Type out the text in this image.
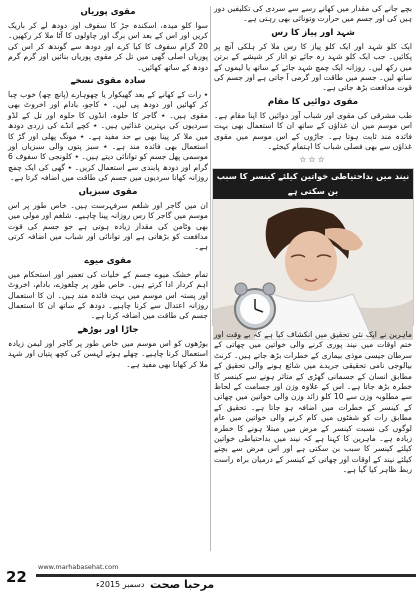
بچے جانے کی مقدار میں کھانے رسے سے سردی کی تکلیفیں دور ہیں کی اور جسم میں حرارت وتونائی بھی رہتی ہے۔

شہد اور پیاز کا رس

ایک کلو شہد اور ایک کلو پیاز کا رس ملا کر ہلکی آنچ پر پکائیں۔ جب ایک کلو شہد رہ جائے تو اتار کر شیشے کے برتن میں رکھ لیں۔ روزانہ ایک چمچ شہد جائے کے ساتھ یا لیموں کے ساتھ لیں۔ جسم میں طاقت اور گرمی آ جاتی ہے اور جسم کی قوت مدافعت بڑھ جاتی ہے۔

مقوی دوائیں کا مقام

طب مشرقی کی مقوی اور شباب آور دوائیں کا اپنا مقام ہے۔ اس موسم میں ان غذاؤں کے ساتھ ان کا استعمال بھی بہت فائدہ مند ثابت ہوتا ہے۔ جاڑوں کے اس موسم میں مقوی غذاؤں سے بھی فصلی شباب کا اہتمام کیجئے۔

☆☆☆
نیند میں بداحتیاطی خواتین کیلئے کینسر کا سبب بن سکتی ہے

ماہرین نے ایک نئی تحقیق میں انکشاف کیا ہے کہ بے وقت اور ختم اوقات میں نیند پوری کرنے والی خواتین میں چھاتی کے سرطان جیسی موذی بیماری کے خطرات بڑھ جاتے ہیں۔ کرنٹ بیالوجی نامی تحقیقی جریدے میں شائع ہونے والی تحقیق کے مطابق انسان کے جسمانی گھڑی کے متاثر ہونے سے کینسر کا خطرہ بڑھ جاتا ہے۔ اس کے علاوہ وزن اور جسامت کے لحاظ سے مطلوبہ وزن سے 10 کلو زائد وزن والی خواتین میں چھاتی کے کینسر کے خطرات میں اضافہ ہو جاتا ہے۔ تحقیق کے مطابق رات کو شفٹوں میں کام کرنے والی خواتین میں عام لوگوں کی نسبت کینسر کے مرض میں مبتلا ہونے کا خطرہ زیادہ ہے۔ ماہرین کا کہنا ہے کہ نیند میں بداحتیاطی خواتین کیلئے کینسر کا سبب بن سکتی ہے اور اس مرض سے بچنے کیلئے نیند کے اوقات اور چھاتی کے کینسر کے درمیان براہ راست ربط ظاہر کیا گیا ہے۔

مقوی پوریاں

سوا کلو میدہ، اسکندہ جڑ کا سفوف اور دودھ لے کر باریک کریں اور اس کے بعد اس برگ اور چاولوں کا آٹا ملا کر رکھیں۔ 20 گرام سفوف کا کیا کرے اور دودھ سے گوندھ کر اس کی پوریاں اصلی گھی میں تل کر مقوی پوریاں بنائیں اور گرم گرم دودھ کے ساتھ کھائیں۔

سادہ مقوی نسخے

٭ رات کے کھانے کے بعد گھیکوار یا چھوہارے (پانچ چھ) خوب چبا کر کھائیں اور دودھ پی لیں۔ ٭ کاجو، بادام اور اخروٹ بھی مقوی ہیں۔ ٭ گاجر کا حلوہ، انڈوں کا حلوہ اور تل کے لڈو سردیوں کی بہترین غذائیں ہیں۔ ٭ کچے انڈے کی زردی دودھ میں ملا کر پینا بھی بے حد مفید ہے۔ ٭ مونگ پھلی اور گڑ کا استعمال بھی فائدہ مند ہے۔ ٭ سبز پتوں والی سبزیاں اور موسمی پھل جسم کو توانائی دیتے ہیں۔ ٭ کلونجی کا سفوف 6 گرام اور دودھ پابندی سے استعمال کریں۔ ٭ گھی کی ایک چمچ روزانہ کھانا سردیوں میں جسم کی طاقت میں اضافہ کرتا ہے۔

مقوی سبزیاں

ان میں گاجر اور شلغم سرفہرست ہیں۔ خاص طور پر اس موسم میں گاجر کا رس روزانہ پینا چاہیے۔ شلغم اور مولی میں بھی وٹامن کی مقدار زیادہ ہوتی ہے جو جسم کی قوت مدافعت کو بڑھاتی ہے اور توانائی اور شباب میں اضافہ کرتی ہے۔

مقوی میوے

تمام خشک میوے جسم کے خلیات کی تعمیر اور استحکام میں اہم کردار ادا کرتے ہیں۔ خاص طور پر چلغوزے، بادام، اخروٹ اور پستہ اس موسم میں بہت فائدہ مند ہیں۔ ان کا استعمال روزانہ اعتدال سے کرنا چاہیے۔ دودھ کے ساتھ ان کا استعمال جسم کی طاقت میں اضافہ کرتا ہے۔

جاڑا اور بوڑھے

بوڑھوں کو اس موسم میں خاص طور پر گاجر اور لیمن زیادہ استعمال کرنا چاہیے۔ چھلے ہوئے لہسن کی کچھ پتیاں اور شہد ملا کر کھانا بھی مفید ہے۔

22
www.marhabasehat.com
دسمبر 2015ء مرحبا صحت
